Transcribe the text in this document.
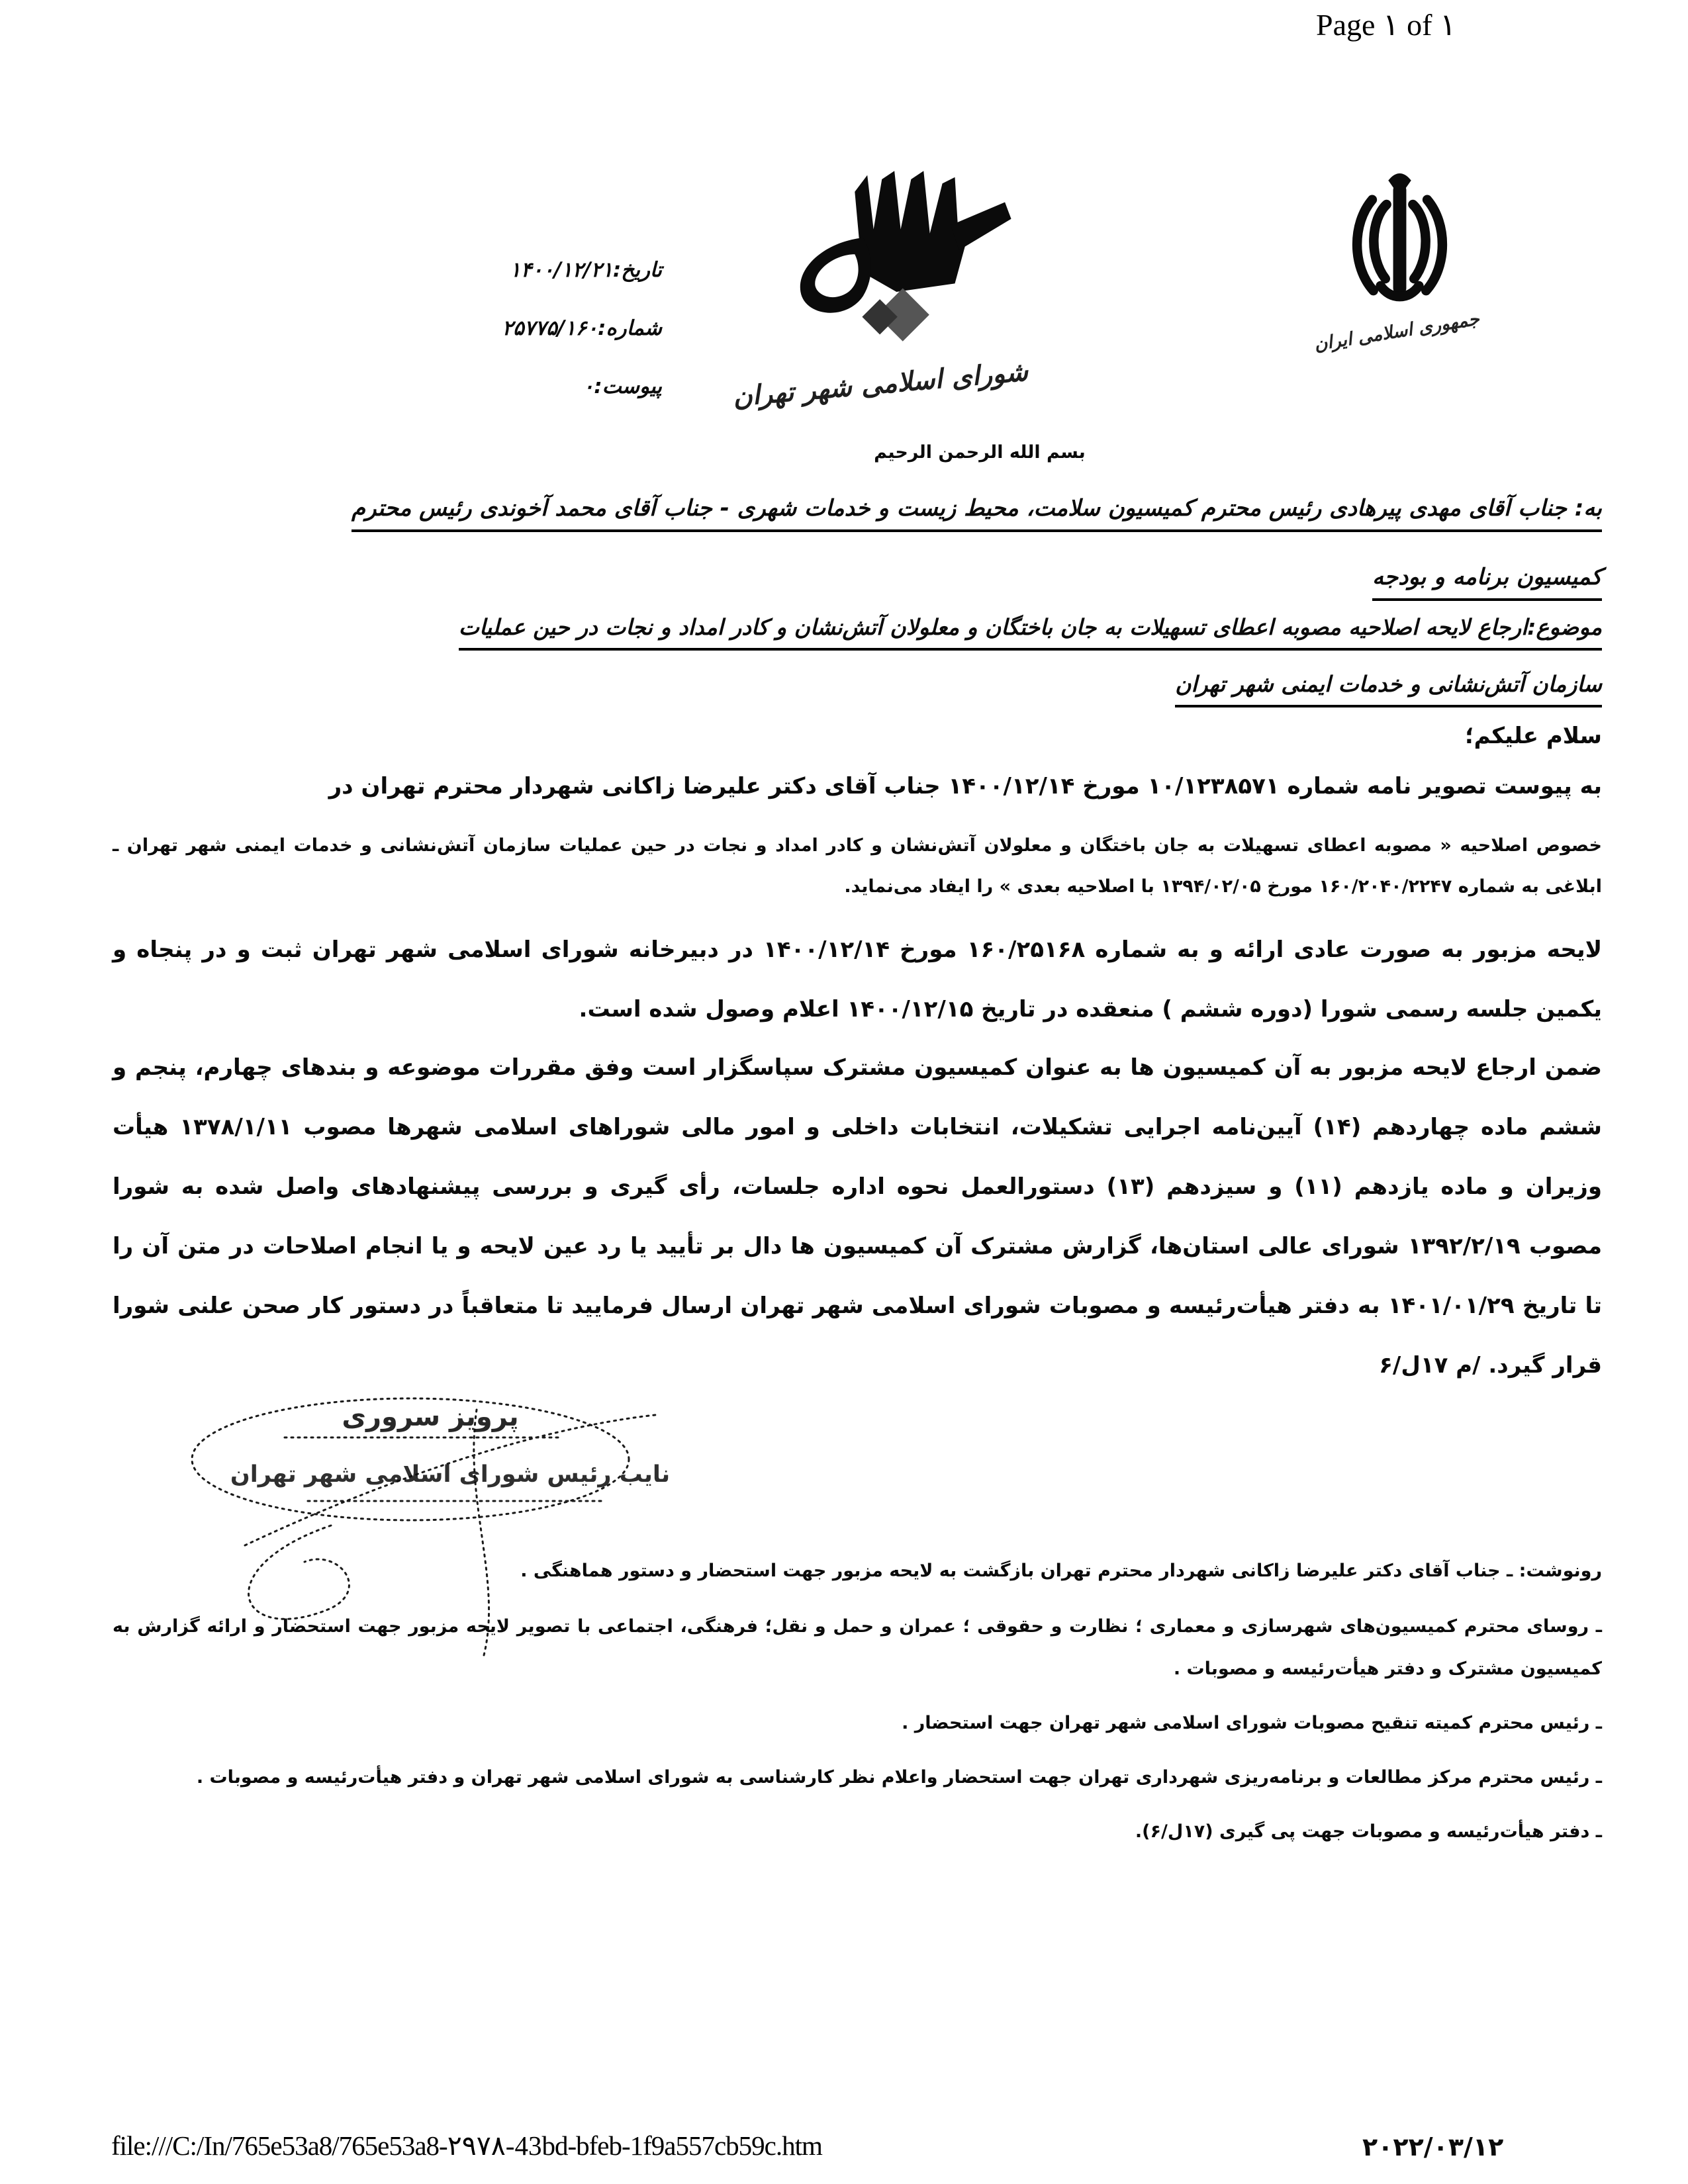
Page ۱ of ۱
تاریخ:۱۴۰۰/۱۲/۲۱
شماره:۲۵۷۷۵/۱۶۰
پیوست:۰	شورای اسلامی شهر تهران
جمهوری اسلامی ایران
بسم الله الرحمن الرحیم
به: جناب آقای مهدی پیرهادی رئیس محترم کمیسیون سلامت، محیط زیست و خدمات شهری - جناب آقای محمد آخوندی رئیس محترم
کمیسیون برنامه و بودجه
موضوع:ارجاع لایحه اصلاحیه مصوبه اعطای تسهیلات به جان باختگان و معلولان آتش‌نشان و کادر امداد و نجات در حین عملیات
سازمان آتش‌نشانی و خدمات ایمنی شهر تهران
سلام علیکم؛
به پیوست تصویر نامه شماره ۱۰/۱۲۳۸۵۷۱ مورخ ۱۴۰۰/۱۲/۱۴ جناب آقای دکتر علیرضا زاکانی شهردار محترم تهران در
خصوص اصلاحیه « مصوبه اعطای تسهیلات به جان باختگان و معلولان آتش‌نشان و کادر امداد و نجات در حین عملیات سازمان آتش‌نشانی و خدمات ایمنی شهر تهران ـ
ابلاغی به شماره ۱۶۰/۲۰۴۰/۲۲۴۷ مورخ ۱۳۹۴/۰۲/۰۵ با اصلاحیه بعدی » را ایفاد می‌نماید.
لایحه مزبور به صورت عادی ارائه و به شماره ۱۶۰/۲۵۱۶۸ مورخ ۱۴۰۰/۱۲/۱۴ در دبیرخانه شورای اسلامی شهر تهران ثبت و در پنجاه و یکمین جلسه رسمی شورا (دوره ششم ) منعقده در تاریخ ۱۴۰۰/۱۲/۱۵ اعلام وصول شده است.
ضمن ارجاع لایحه مزبور به آن کمیسیون ها به عنوان کمیسیون مشترک سپاسگزار است وفق مقررات موضوعه و بندهای چهارم، پنجم و ششم ماده چهاردهم (۱۴) آیین‌نامه اجرایی تشکیلات، انتخابات داخلی و امور مالی شوراهای اسلامی شهرها مصوب ۱۳۷۸/۱/۱۱ هیأت وزیران و ماده یازدهم (۱۱) و سیزدهم (۱۳) دستورالعمل نحوه اداره جلسات، رأی گیری و بررسی پیشنهادهای واصل شده به شورا مصوب ۱۳۹۲/۲/۱۹ شورای عالی استان‌ها، گزارش مشترک آن کمیسیون ها دال بر تأیید یا رد عین لایحه و یا انجام اصلاحات در متن آن را تا تاریخ ۱۴۰۱/۰۱/۲۹ به دفتر هیأت‌رئیسه و مصوبات شورای اسلامی شهر تهران ارسال فرمایید تا متعاقباً در دستور کار صحن علنی شورا قرار گیرد. /م ۱۷ل/۶
پرویز سروری
نایب رئیس شورای اسلامی شهر تهران
رونوشت: ـ جناب آقای دکتر علیرضا زاکانی شهردار محترم تهران بازگشت به لایحه مزبور جهت استحضار و دستور هماهنگی .
ـ روسای محترم کمیسیون‌های شهرسازی و معماری ؛ نظارت و حقوقی ؛ عمران و حمل و نقل؛ فرهنگی، اجتماعی با تصویر لایحه مزبور جهت استحضار و ارائه گزارش به کمیسیون مشترک و دفتر هیأت‌رئیسه و مصوبات .
ـ رئیس محترم کمیته تنقیح مصوبات شورای اسلامی شهر تهران جهت استحضار .
ـ رئیس محترم مرکز مطالعات و برنامه‌ریزی شهرداری تهران جهت استحضار واعلام نظر کارشناسی به شورای اسلامی شهر تهران و دفتر هیأت‌رئیسه و مصوبات .
ـ دفتر هیأت‌رئیسه و مصوبات جهت پی گیری (۱۷ل/۶).
file:///C:/In/765e53a8/765e53a8-۲۹۷۸-43bd-bfeb-1f9a557cb59c.htm	۲۰۲۲/۰۳/۱۲
